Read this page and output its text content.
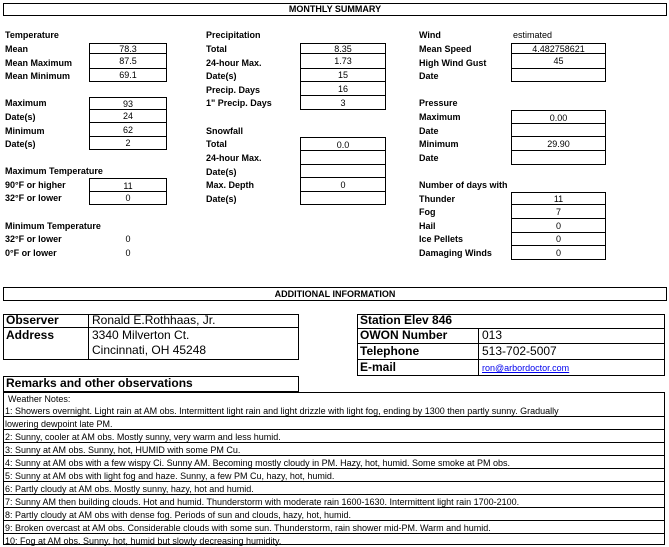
MONTHLY SUMMARY
Temperature
Mean	78.3
Mean Maximum	87.5
Mean Minimum	69.1
Maximum	93
Date(s)	24
Minimum	62
Date(s)	2
Maximum Temperature
90°F or higher	11
32°F or lower	0
Minimum Temperature
32°F or lower	0
0°F or lower	0
Precipitation
Total	8.35
24-hour Max.	1.73
Date(s)	15
Precip. Days	16
1" Precip. Days	3
Snowfall
Total	0.0
24-hour Max.
Date(s)
Max. Depth	0
Date(s)
Wind	estimated
Mean Speed	4.482758621
High Wind Gust	45
Date
Pressure
Maximum	0.00
Date
Minimum	29.90
Date
Number of days with
Thunder	11
Fog	7
Hail	0
Ice Pellets	0
Damaging Winds	0
ADDITIONAL INFORMATION
Observer	Ronald E.Rothhaas, Jr.
Address	3340 Milverton Ct.
Cincinnati, OH 45248
Station Elev 846
OWON Number	013
Telephone	513-702-5007
E-mail	ron@arbordoctor.com
Remarks and other observations
Weather Notes:
1: Showers overnight. Light rain at AM obs. Intermittent light rain and light drizzle with light fog, ending by 1300 then partly sunny. Gradually
lowering dewpoint late PM.
2: Sunny, cooler at AM obs. Mostly sunny, very warm and less humid.
3: Sunny at AM obs. Sunny, hot, HUMID with some PM Cu.
4: Sunny at AM obs with a few wispy Ci. Sunny AM. Becoming mostly cloudy in PM. Hazy, hot, humid. Some smoke at PM obs.
5: Sunny at AM obs with light fog and haze. Sunny, a few PM Cu, hazy, hot, humid.
6: Partly cloudy at AM obs. Mostly sunny, hazy, hot and humid.
7: Sunny AM then building clouds. Hot and humid. Thunderstorm with moderate rain 1600-1630. Intermittent light rain 1700-2100.
8: Partly cloudy at AM obs with dense fog. Periods of sun and clouds, hazy, hot, humid.
9: Broken overcast at AM obs. Considerable clouds with some sun. Thunderstorm, rain shower mid-PM. Warm and humid.
10: Fog at AM obs. Sunny, hot, humid but slowly decreasing humidity.
